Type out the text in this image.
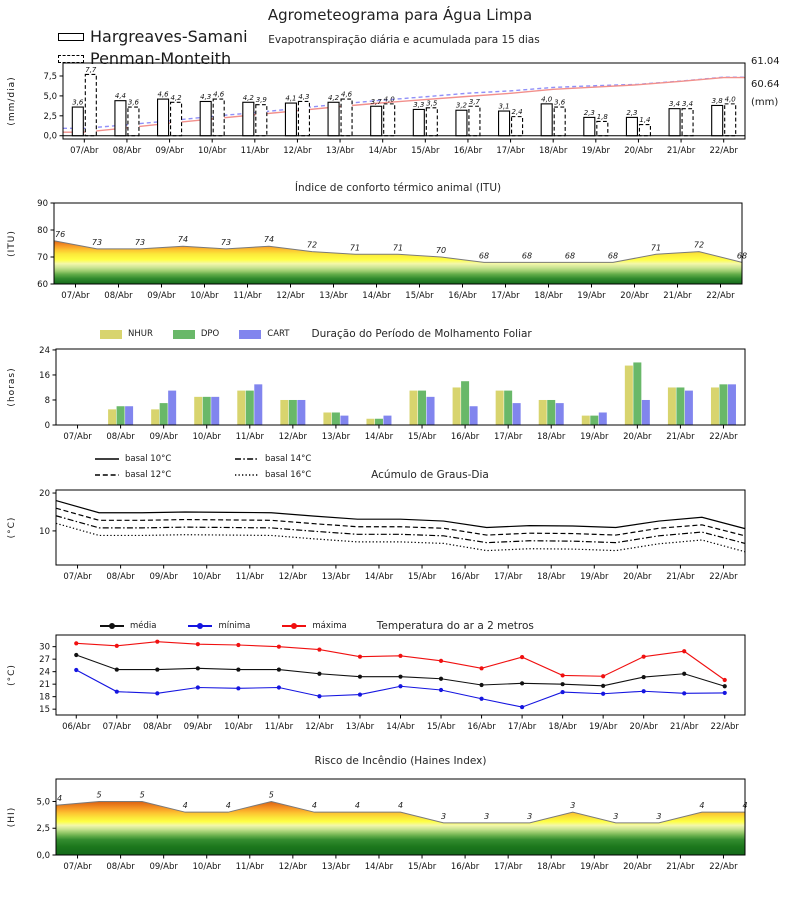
Agrometeograma para Água Limpa
Hargreaves-Samani
Penman-Monteith
Evapotranspiração diária e acumulada para 15 dias
3,6
4,4	4,6	4,3	4,2	4,1	4,2	3,7	3,3	3,2	3,1
4,0
2,3	2,3
3,4	3,8
7,7
3,6
4,2	4,6
3,9	4,3	4,6
4,0	3,5	3,7
2,4
3,6
1,8	1,4
3,4
4,0
0,0
2,5
5,0
7,5
(mm/dia)
07/Abr 08/Abr 09/Abr 10/Abr 11/Abr 12/Abr 13/Abr 14/Abr 15/Abr 16/Abr 17/Abr 18/Abr 19/Abr 20/Abr 21/Abr 22/Abr
61.04
60.64
(mm)
Índice de conforto térmico animal (ITU)
76
73	73	74	73	74
72	71	71	70
68	68	68	68
71	72
68
60
70
80
90
(ITU)
07/Abr 08/Abr 09/Abr 10/Abr 11/Abr 12/Abr 13/Abr 14/Abr 15/Abr 16/Abr 17/Abr 18/Abr 19/Abr 20/Abr 21/Abr 22/Abr
NHUR	DPO	CART Duração do Período de Molhamento Foliar
0
8
16
24
(horas)
07/Abr 08/Abr 09/Abr 10/Abr 11/Abr 12/Abr 13/Abr 14/Abr 15/Abr 16/Abr 17/Abr 18/Abr 19/Abr 20/Abr 21/Abr 22/Abr
basal 10°C
basal 12°C
basal 14°C
basal 16°C	Acúmulo de Graus-Dia
10
20
(°C)
07/Abr 08/Abr 09/Abr 10/Abr 11/Abr 12/Abr 13/Abr 14/Abr 15/Abr 16/Abr 17/Abr 18/Abr 19/Abr 20/Abr 21/Abr 22/Abr
média	mínima	máxima	Temperatura do ar a 2 metros
15
18
21
24
27
30
(°C)
06/Abr 07/Abr 08/Abr 09/Abr 10/Abr 11/Abr 12/Abr 13/Abr 14/Abr 15/Abr 16/Abr 17/Abr 18/Abr 19/Abr 20/Abr 21/Abr 22/Abr
Risco de Incêndio (Haines Index)
4	5	5
4	4
5
4	4	4
3	3	3
3
3	3
4	4
0,0
2,5
5,0
(HI)
07/Abr 08/Abr 09/Abr 10/Abr 11/Abr 12/Abr 13/Abr 14/Abr 15/Abr 16/Abr 17/Abr 18/Abr 19/Abr 20/Abr 21/Abr 22/Abr
